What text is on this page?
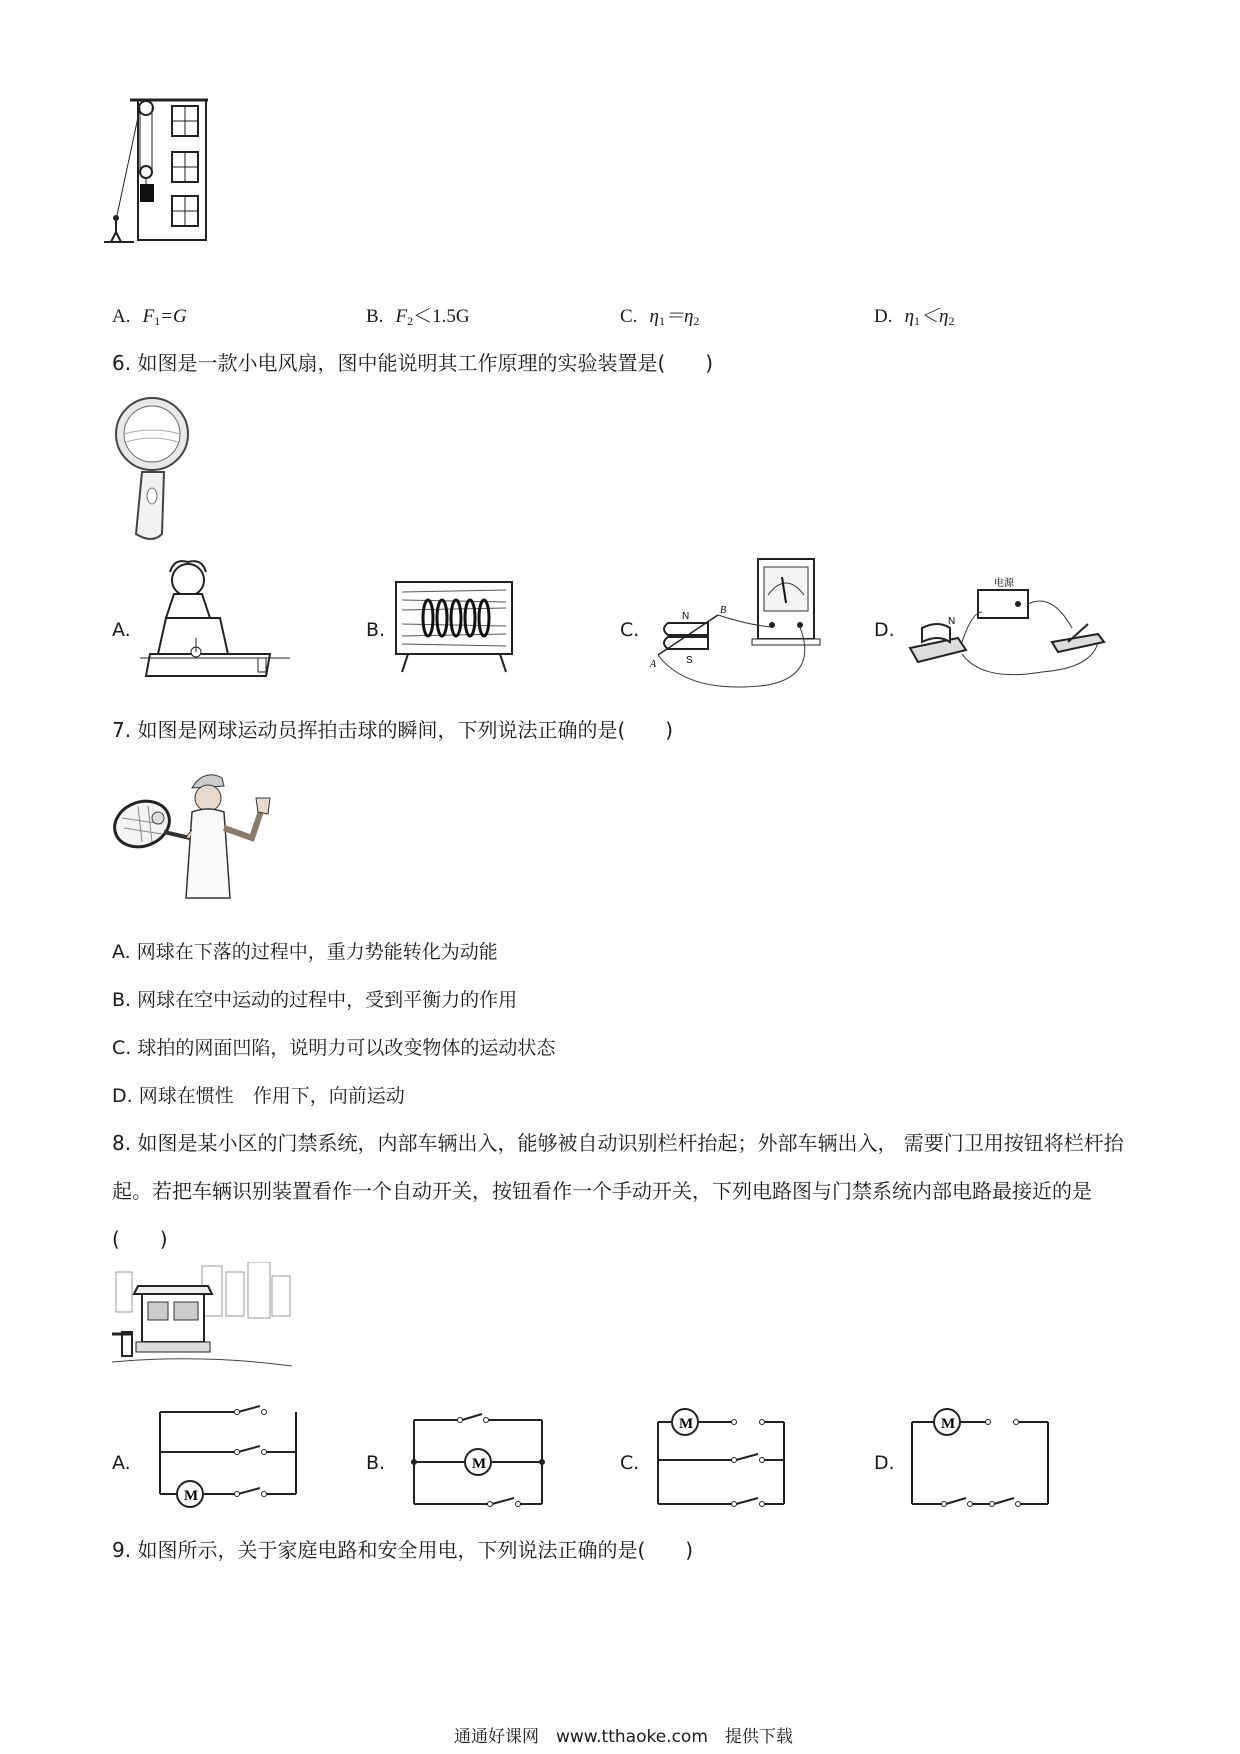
A. $F_1=G$	B. $F_2<1.5G$	C. $\eta_1=\eta_2$	D. $\eta_1<\eta_2$
6. 如图是一款小电风扇，图中能说明其工作原理的实验装置是(　　)
A.	B.	C.	D.
N
S
A
B
电源
N
7. 如图是网球运动员挥拍击球的瞬间，下列说法正确的是(　　)
A. 网球在下落的过程中，重力势能转化为动能
B. 网球在空中运动的过程中，受到平衡力的作用
C. 球拍的网面凹陷，说明力可以改变物体的运动状态
D. 网球在惯性　作用下，向前运动
8. 如图是某小区的门禁系统，内部车辆出入，能够被自动识别栏杆抬起；外部车辆出入， 需要门卫用按钮将栏杆抬起。若把车辆识别装置看作一个自动开关，按钮看作一个手动开关，下列电路图与门禁系统内部电路最接近的是(　　)
A.	B.	C.	D.
M
M
M	M
9. 如图所示，关于家庭电路和安全用电，下列说法正确的是(　　)
通通好课网　www.tthaoke.com　提供下载
